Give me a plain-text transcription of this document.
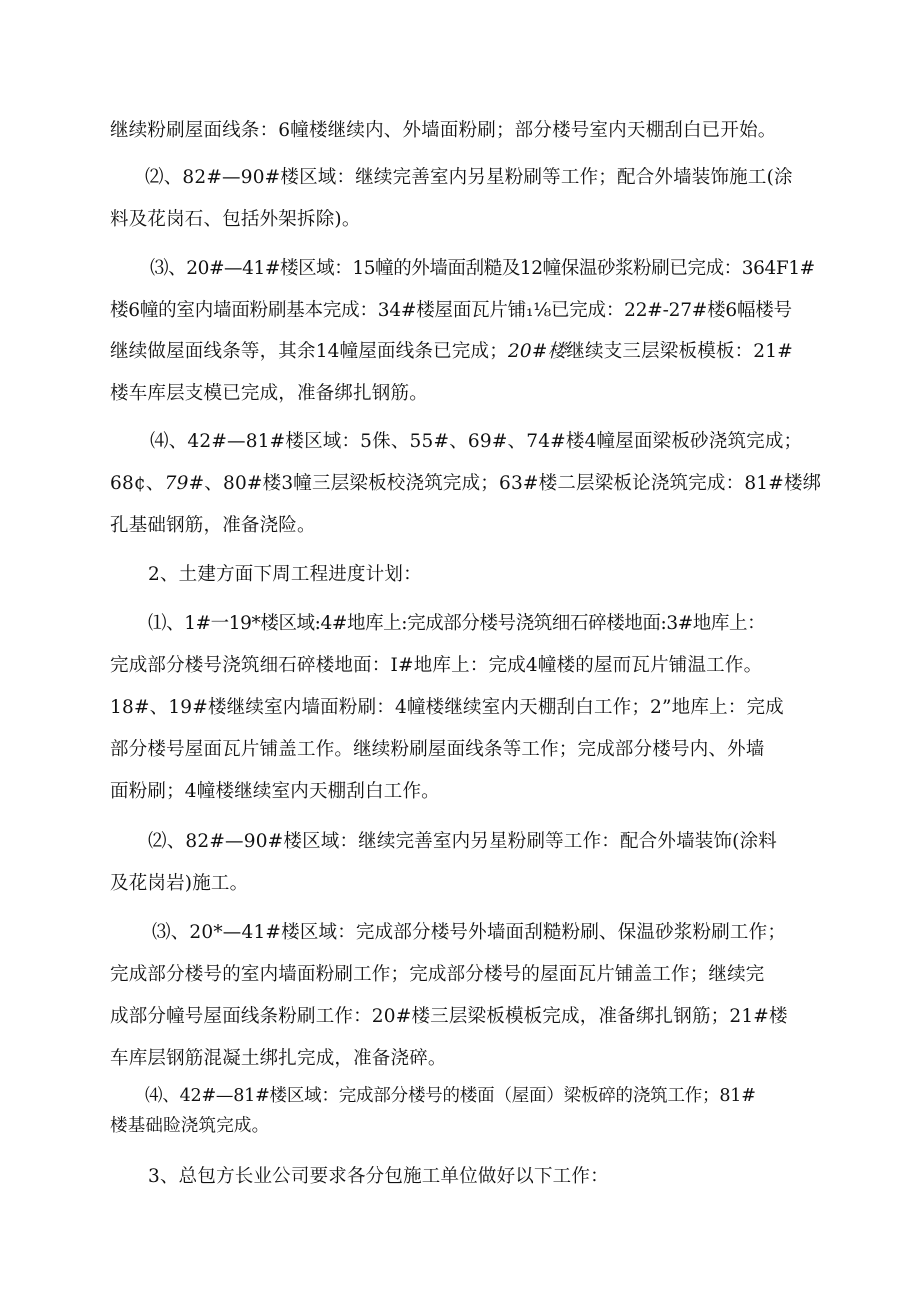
继续粉刷屋面线条：6幢楼继续内、外墙面粉刷；部分楼号室内天棚刮白已开始。
⑵、82#—90#楼区域：继续完善室内另星粉刷等工作；配合外墙装饰施工(涂
料及花岗石、包括外架拆除)。
⑶、20#—41#楼区域：15幢的外墙面刮糙及12幢保温砂浆粉刷已完成：364F1#
楼6幢的室内墙面粉刷基本完成：34#楼屋面瓦片铺₁⅛已完成：22#-27#楼6幅楼号
继续做屋面线条等，其余14幢屋面线条已完成；20#楼继续支三层梁板模板：21#
楼车库层支模已完成，准备绑扎钢筋。
⑷、42#—81#楼区域：5侏、55#、69#、74#楼4幢屋面梁板砂浇筑完成；
68¢、79#、80#楼3幢三层梁板校浇筑完成；63#楼二层梁板论浇筑完成：81#楼绑
孔基础钢筋，准备浇险。
2、土建方面下周工程进度计划：
⑴、1#一19*楼区域:4#地库上:完成部分楼号浇筑细石碎楼地面:3#地库上：
完成部分楼号浇筑细石碎楼地面：I#地库上：完成4幢楼的屋而瓦片铺温工作。
18#、19#楼继续室内墙面粉刷：4幢楼继续室内天棚刮白工作；2”地库上：完成
部分楼号屋面瓦片铺盖工作。继续粉刷屋面线条等工作；完成部分楼号内、外墙
面粉刷；4幢楼继续室内天棚刮白工作。
⑵、82#—90#楼区域：继续完善室内另星粉刷等工作：配合外墙装饰(涂料
及花岗岩)施工。
⑶、20*—41#楼区域：完成部分楼号外墙面刮糙粉刷、保温砂浆粉刷工作；
完成部分楼号的室内墙面粉刷工作；完成部分楼号的屋面瓦片铺盖工作；继续完
成部分幢号屋面线条粉刷工作：20#楼三层梁板模板完成，准备绑扎钢筋；21#楼
车库层钢筋混凝土绑扎完成，准备浇碎。
⑷、42#—81#楼区域：完成部分楼号的楼面（屋面）梁板碎的浇筑工作；81#
楼基础睑浇筑完成。
3、总包方长业公司要求各分包施工单位做好以下工作：
